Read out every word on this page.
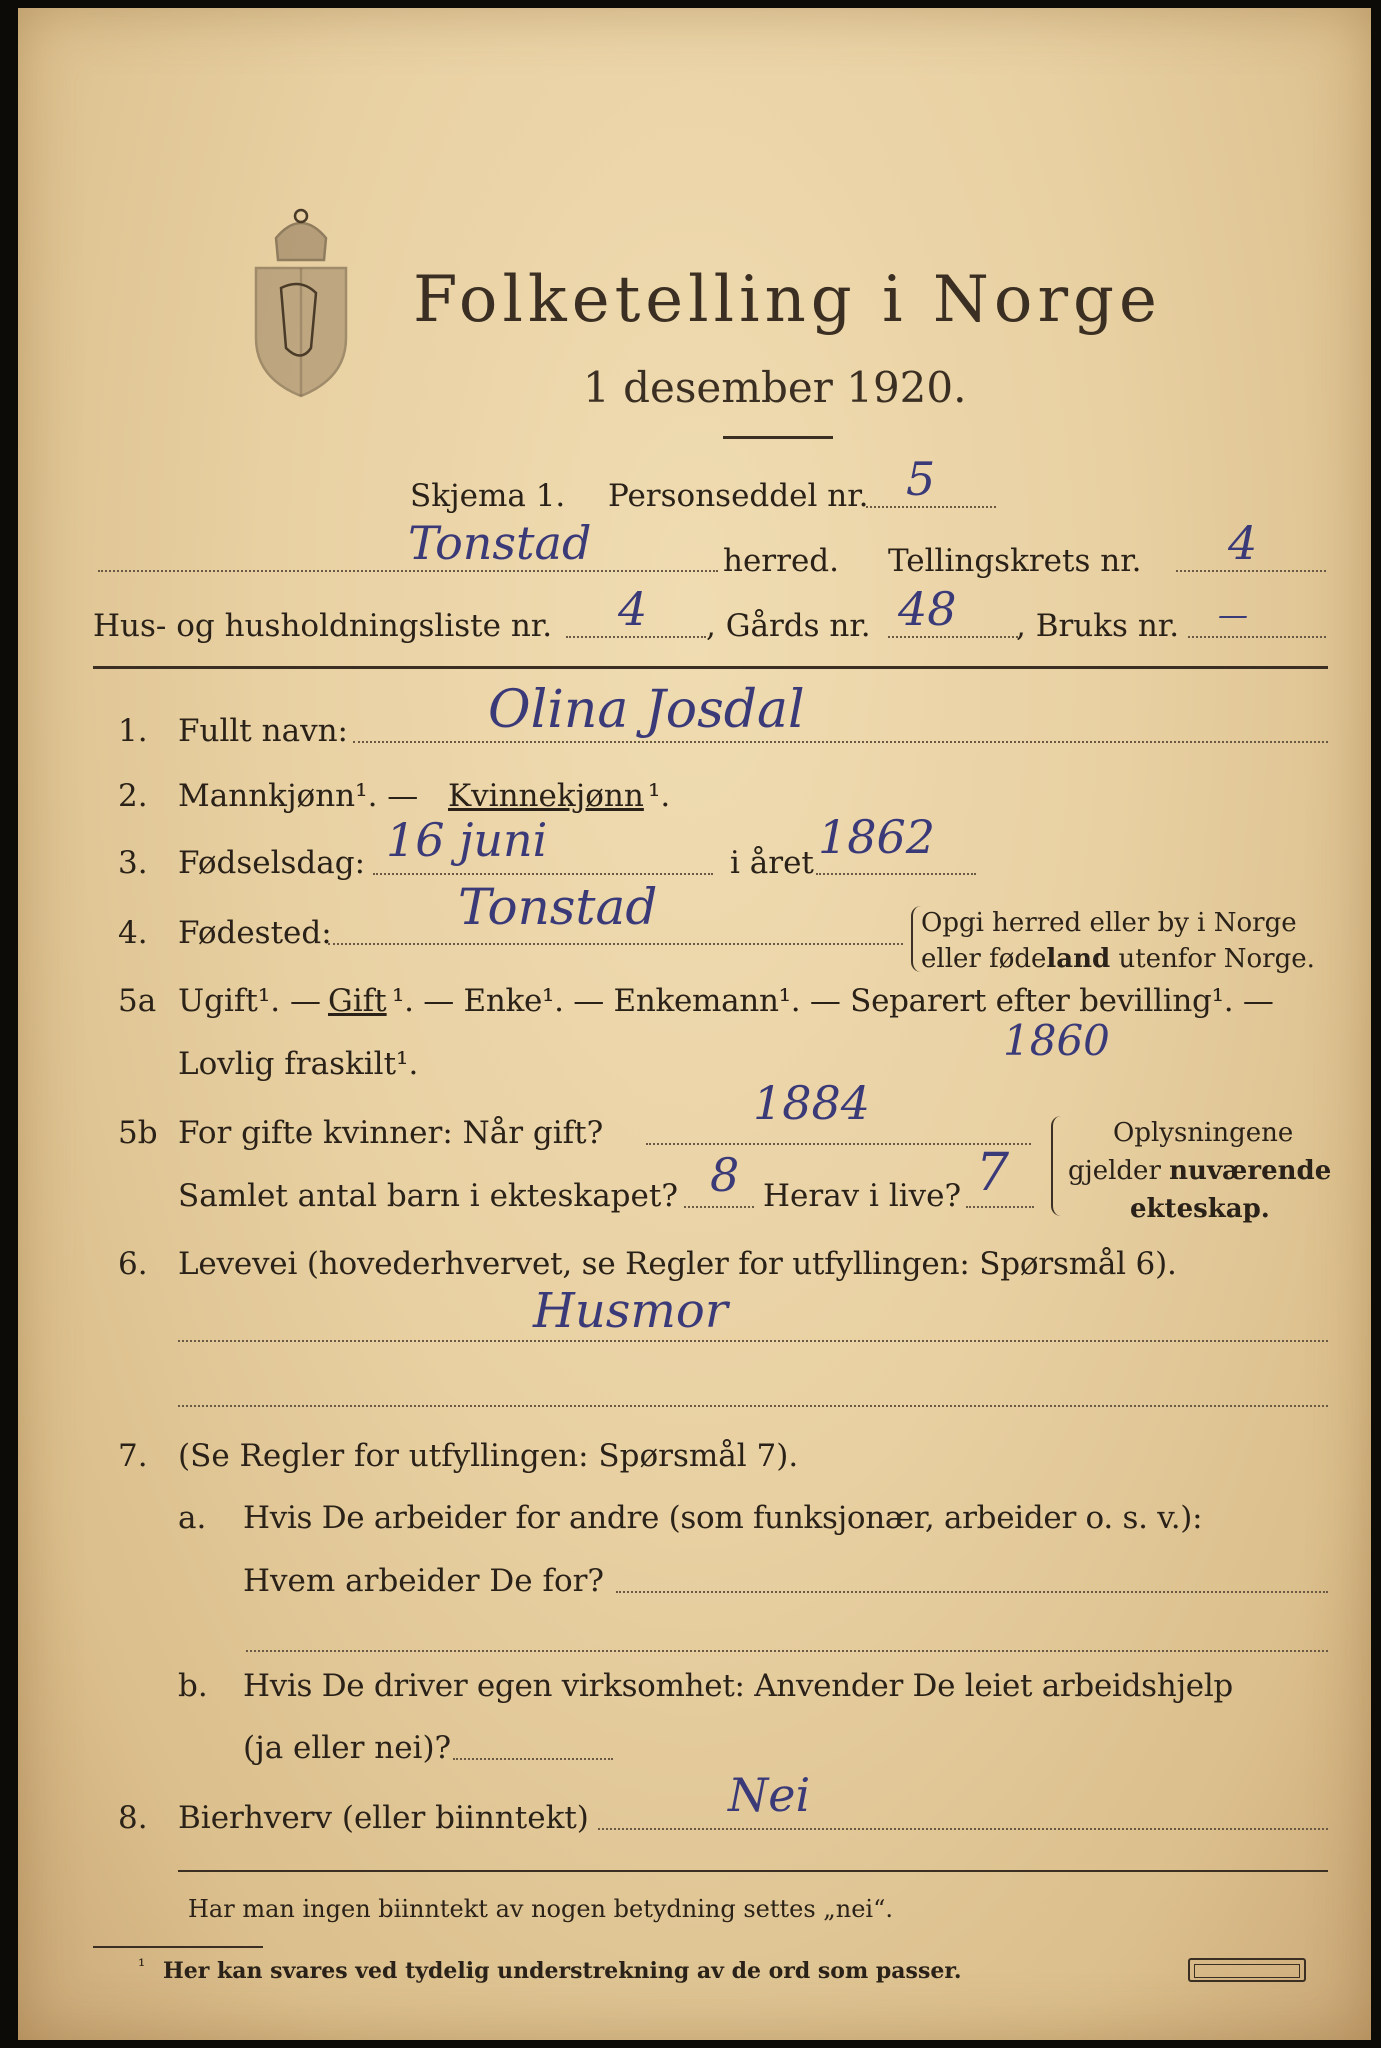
Folketelling i Norge
1 desember 1920.
Skjema 1. Personseddel nr. 5
Tonstad	herred. Tellingskrets nr. 4
Hus- og husholdningsliste nr. 4 , Gårds nr. 48 , Bruks nr. —
1. Fullt navn:	Olina Josdal
2. Mannkjønn¹. — Kvinnekjønn ¹.
3. Fødselsdag: 16 juni	i året 1862
4. Fødested:	Tonstad	Opgi herred eller by i Norge
eller fødeland utenfor Norge.
5a Ugift¹. — Gift ¹. — Enke¹. — Enkemann¹. — Separert efter bevilling¹. —
Lovlig fraskilt¹.	1860
5b For gifte kvinner: Når gift?
1884
Samlet antal barn i ekteskapet? 8 Herav i live? 7
Oplysningene
gjelder nuværende
ekteskap.
6. Levevei (hovederhvervet, se Regler for utfyllingen: Spørsmål 6).
Husmor
7. (Se Regler for utfyllingen: Spørsmål 7).
a. Hvis De arbeider for andre (som funksjonær, arbeider o. s. v.):
Hvem arbeider De for?
b. Hvis De driver egen virksomhet: Anvender De leiet arbeidshjelp
(ja eller nei)?
8. Bierhverv (eller biinntekt)	Nei
Har man ingen biinntekt av nogen betydning settes „nei“.
¹ Her kan svares ved tydelig understrekning av de ord som passer.
